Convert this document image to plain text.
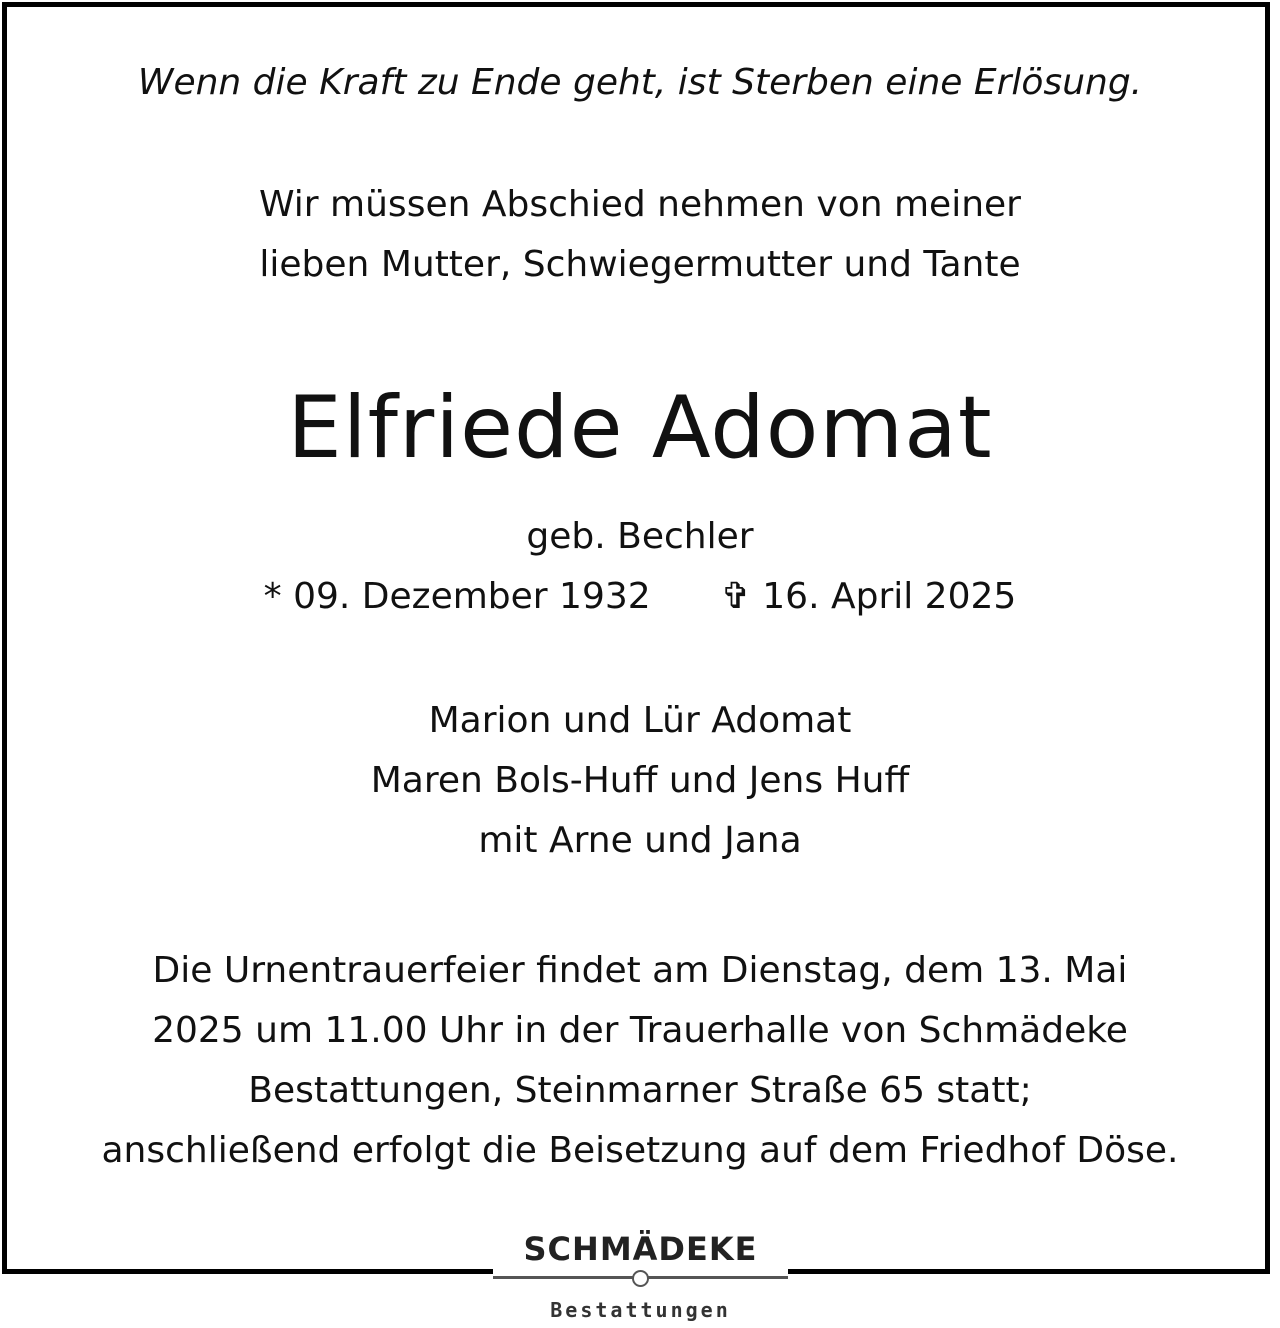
Wenn die Kraft zu Ende geht, ist Sterben eine Erlösung.
Wir müssen Abschied nehmen von meiner
lieben Mutter, Schwiegermutter und Tante
Elfriede Adomat
geb. Bechler
* 09. Dezember 1932 ✞ 16. April 2025
Marion und Lür Adomat
Maren Bols-Huff und Jens Huff
mit Arne und Jana
Die Urnentrauerfeier findet am Dienstag, dem 13. Mai
2025 um 11.00 Uhr in der Trauerhalle von Schmädeke
Bestattungen, Steinmarner Straße 65 statt;
anschließend erfolgt die Beisetzung auf dem Friedhof Döse.
SCHMÄDEKE
Bestattungen
